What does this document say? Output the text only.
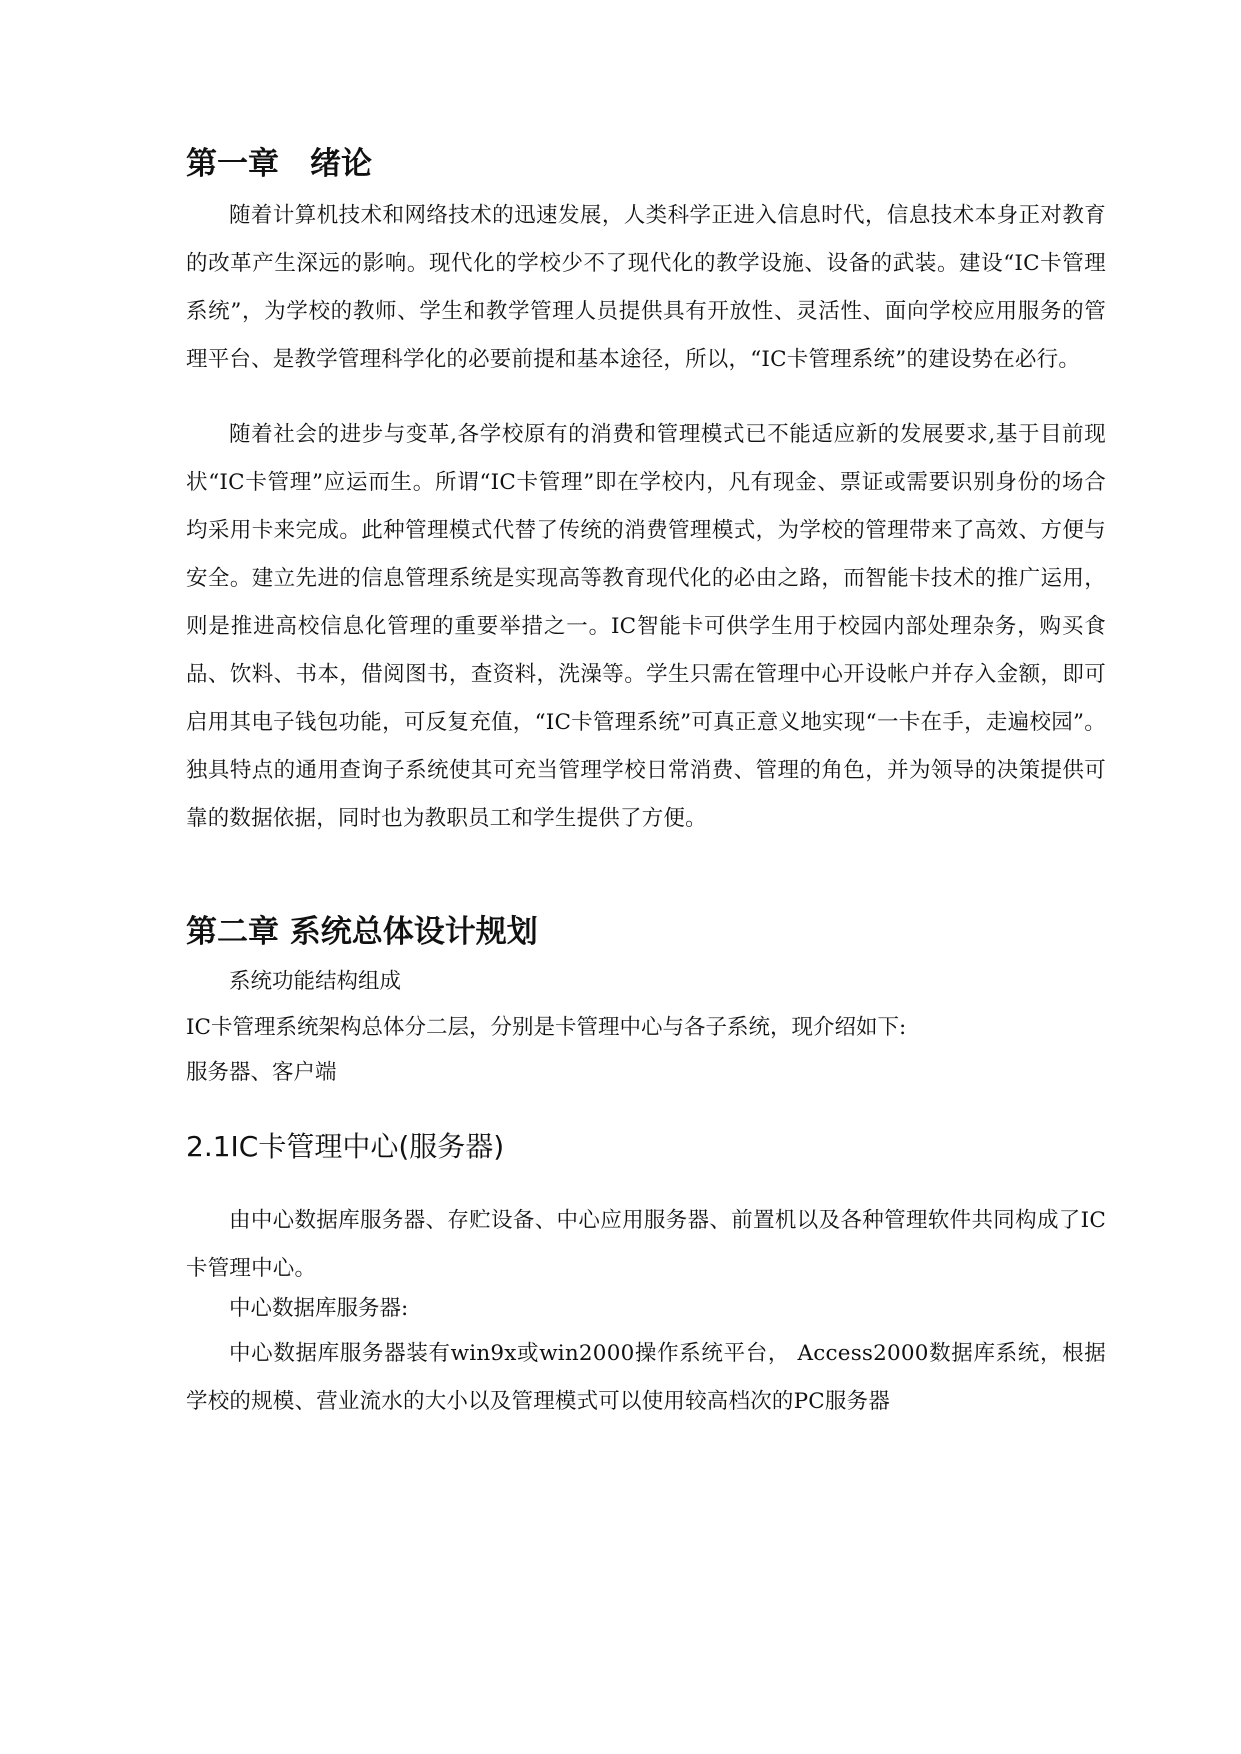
第一章　绪论

随着计算机技术和网络技术的迅速发展，人类科学正进入信息时代，信息技术本身正对教育的改革产生深远的影响。现代化的学校少不了现代化的教学设施、设备的武装。建设“IC卡管理系统”，为学校的教师、学生和教学管理人员提供具有开放性、灵活性、面向学校应用服务的管理平台、是教学管理科学化的必要前提和基本途径，所以，“IC卡管理系统”的建设势在必行。

随着社会的进步与变革,各学校原有的消费和管理模式已不能适应新的发展要求,基于目前现状“IC卡管理”应运而生。所谓“IC卡管理”即在学校内，凡有现金、票证或需要识别身份的场合均采用卡来完成。此种管理模式代替了传统的消费管理模式，为学校的管理带来了高效、方便与安全。建立先进的信息管理系统是实现高等教育现代化的必由之路，而智能卡技术的推广运用，则是推进高校信息化管理的重要举措之一。IC智能卡可供学生用于校园内部处理杂务，购买食品、饮料、书本，借阅图书，查资料，洗澡等。学生只需在管理中心开设帐户并存入金额，即可启用其电子钱包功能，可反复充值，“IC卡管理系统”可真正意义地实现“一卡在手，走遍校园”。独具特点的通用查询子系统使其可充当管理学校日常消费、管理的角色，并为领导的决策提供可靠的数据依据，同时也为教职员工和学生提供了方便。

第二章 系统总体设计规划
系统功能结构组成
IC卡管理系统架构总体分二层，分别是卡管理中心与各子系统，现介绍如下:
服务器、客户端
2.1IC卡管理中心(服务器)

由中心数据库服务器、存贮设备、中心应用服务器、前置机以及各种管理软件共同构成了IC卡管理中心。

中心数据库服务器:

中心数据库服务器装有win9x或win2000操作系统平台， Access2000数据库系统，根据学校的规模、营业流水的大小以及管理模式可以使用较高档次的PC服务器
